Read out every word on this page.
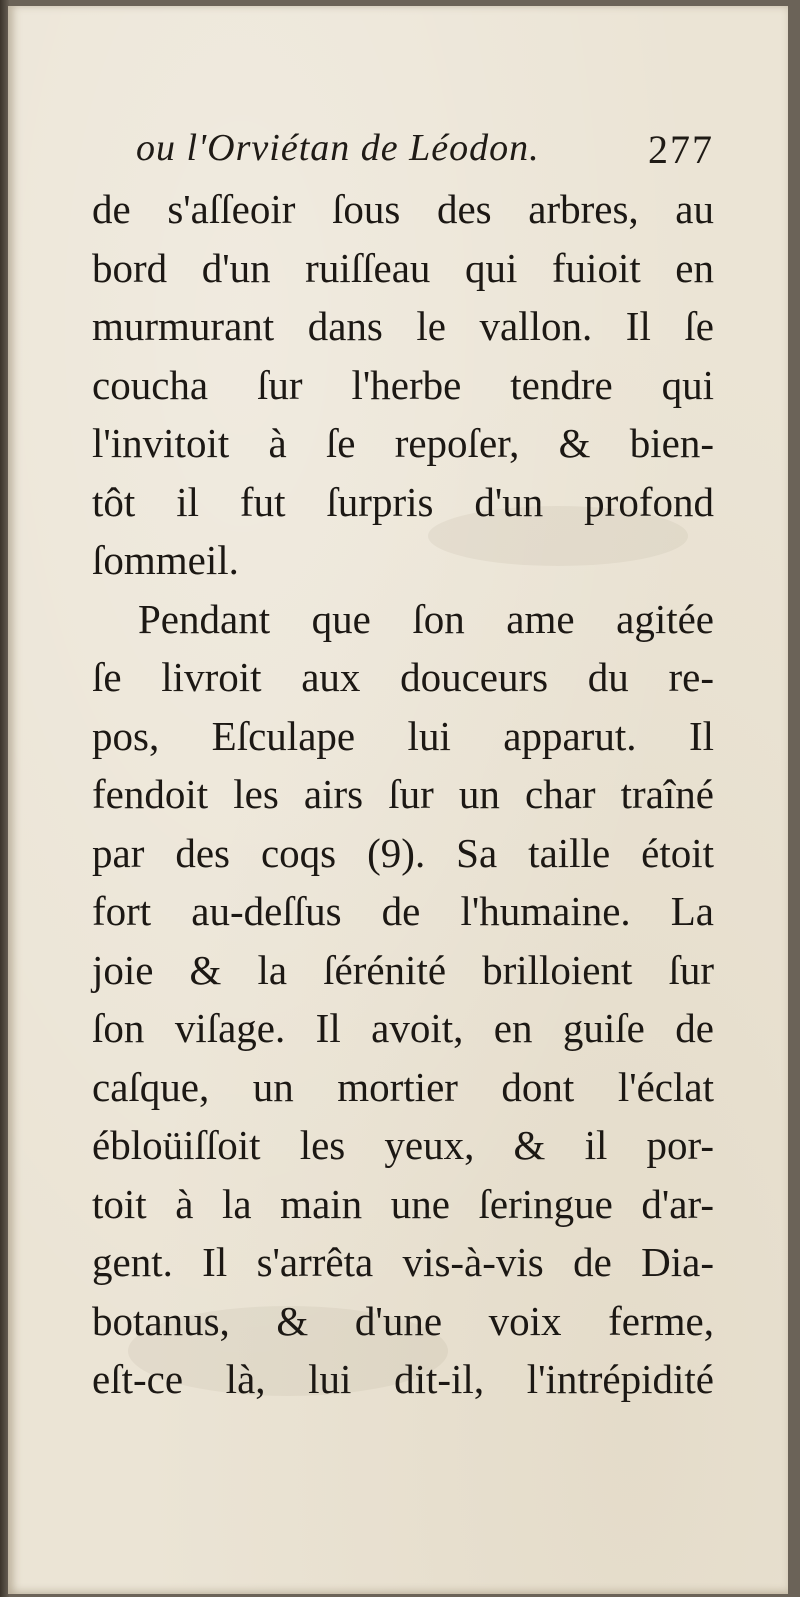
ou l'Orviétan de Léodon.	277
de s'aſſeoir ſous des arbres, au
bord d'un ruiſſeau qui fuioit en
murmurant dans le vallon. Il ſe
coucha ſur l'herbe tendre qui
l'invitoit à ſe repoſer, & bien-
tôt il fut ſurpris d'un profond
ſommeil.
Pendant que ſon ame agitée
ſe livroit aux douceurs du re-
pos, Eſculape lui apparut. Il
fendoit les airs ſur un char traîné
par des coqs (9). Sa taille étoit
fort au-deſſus de l'humaine. La
joie & la ſérénité brilloient ſur
ſon viſage. Il avoit, en guiſe de
caſque, un mortier dont l'éclat
ébloüiſſoit les yeux, & il por-
toit à la main une ſeringue d'ar-
gent. Il s'arrêta vis-à-vis de Dia-
botanus, & d'une voix ferme,
eſt-ce là, lui dit-il, l'intrépidité
